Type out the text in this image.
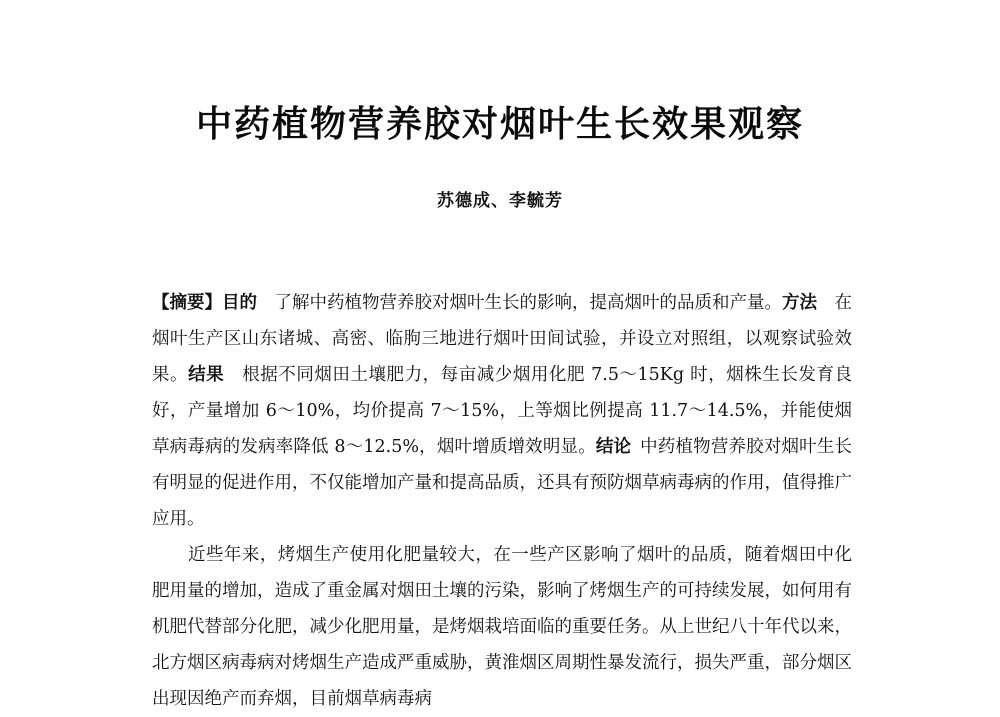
中药植物营养胶对烟叶生长效果观察
苏德成、李毓芳

【摘要】目的  了解中药植物营养胶对烟叶生长的影响，提高烟叶的品质和产量。方法  在烟叶生产区山东诸城、高密、临朐三地进行烟叶田间试验，并设立对照组，以观察试验效果。结果  根据不同烟田土壤肥力，每亩减少烟用化肥 7.5～15Kg 时，烟株生长发育良好，产量增加 6～10%，均价提高 7～15%，上等烟比例提高 11.7～14.5%，并能使烟草病毒病的发病率降低 8～12.5%，烟叶增质增效明显。结论  中药植物营养胶对烟叶生长有明显的促进作用，不仅能增加产量和提高品质，还具有预防烟草病毒病的作用，值得推广应用。

近些年来，烤烟生产使用化肥量较大，在一些产区影响了烟叶的品质，随着烟田中化肥用量的增加，造成了重金属对烟田土壤的污染，影响了烤烟生产的可持续发展，如何用有机肥代替部分化肥，减少化肥用量，是烤烟栽培面临的重要任务。从上世纪八十年代以来，北方烟区病毒病对烤烟生产造成严重威胁，黄淮烟区周期性暴发流行，损失严重，部分烟区出现因绝产而弃烟，目前烟草病毒病
